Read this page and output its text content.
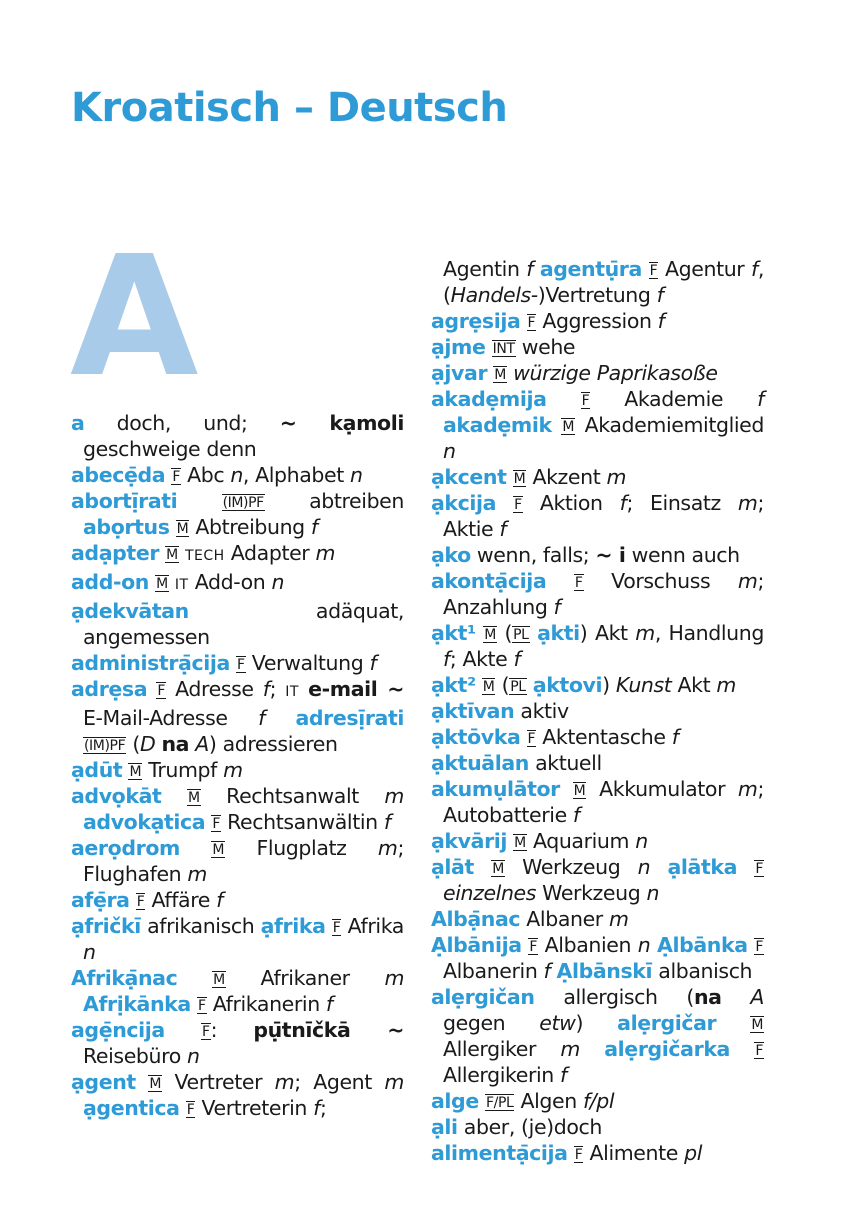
Kroatisch – Deutsch
A
a doch, und; ~ kạmoli geschweige denn
abecẹ̄da F Abc n, Alphabet n
abortị̄rati	(IM)PF abtreiben abọrtus M Abtreibung f
adạpter M TECH Adapter m
add-on M IT Add-on n
ạdekvātan adäquat, angemessen
administrạ̄cija F Verwaltung f
adrẹsa F Adresse f; IT e-mail ~ E-Mail-Adresse f adresị̄rati (IM)PF (D na A) adressieren
ạdūt M Trumpf m
advọkāt M Rechtsanwalt m advokạtica F Rechtsanwältin f
aerọdrom M Flugplatz m; Flughafen m
afẹ̄ra F Affäre f
ạfričkī afrikanisch ạfrika F Afrika n
Afrikạ̄nac	M Afrikaner m Afrịkānka F Afrikanerin f
agẹ̄ncija	F: pụ̄tnīčkā ~ Reisebüro n
ạgent M Vertreter m; Agent m ạgentica F Vertreterin f;
Agentin f agentụ̄ra F Agentur f, (Handels-)Vertretung f
agrẹsija F Aggression f
ạjme INT wehe
ạjvar M würzige Paprikasoße
akadẹmija	F Akademie f akadẹmik M Akademiemitglied n
ạkcent M Akzent m
ạkcija F Aktion f; Einsatz m; Aktie f
ạko wenn, falls; ~ i wenn auch
akontạ̄cija F Vorschuss m; Anzahlung f
ạkt¹ M (PL ạkti) Akt m, Handlung f; Akte f
ạkt² M (PL ạktovi) Kunst Akt m
ạktīvan aktiv
ạktōvka F Aktentasche f
ạktuālan aktuell
akumụlātor M Akkumulator m; Autobatterie f
ạkvārij M Aquarium n
ạlāt M Werkzeug n ạlātka F einzelnes Werkzeug n
Albạ̄nac Albaner m
Ạlbānija F Albanien n Ạlbānka F Albanerin f Ạlbānskī albanisch
alẹrgičan allergisch (na A gegen etw) alẹrgičar	M Allergiker m alẹrgičarka F Allergikerin f
alge F/PL Algen f/pl
ạli aber, (je)doch
alimentạ̄cija F Alimente pl
